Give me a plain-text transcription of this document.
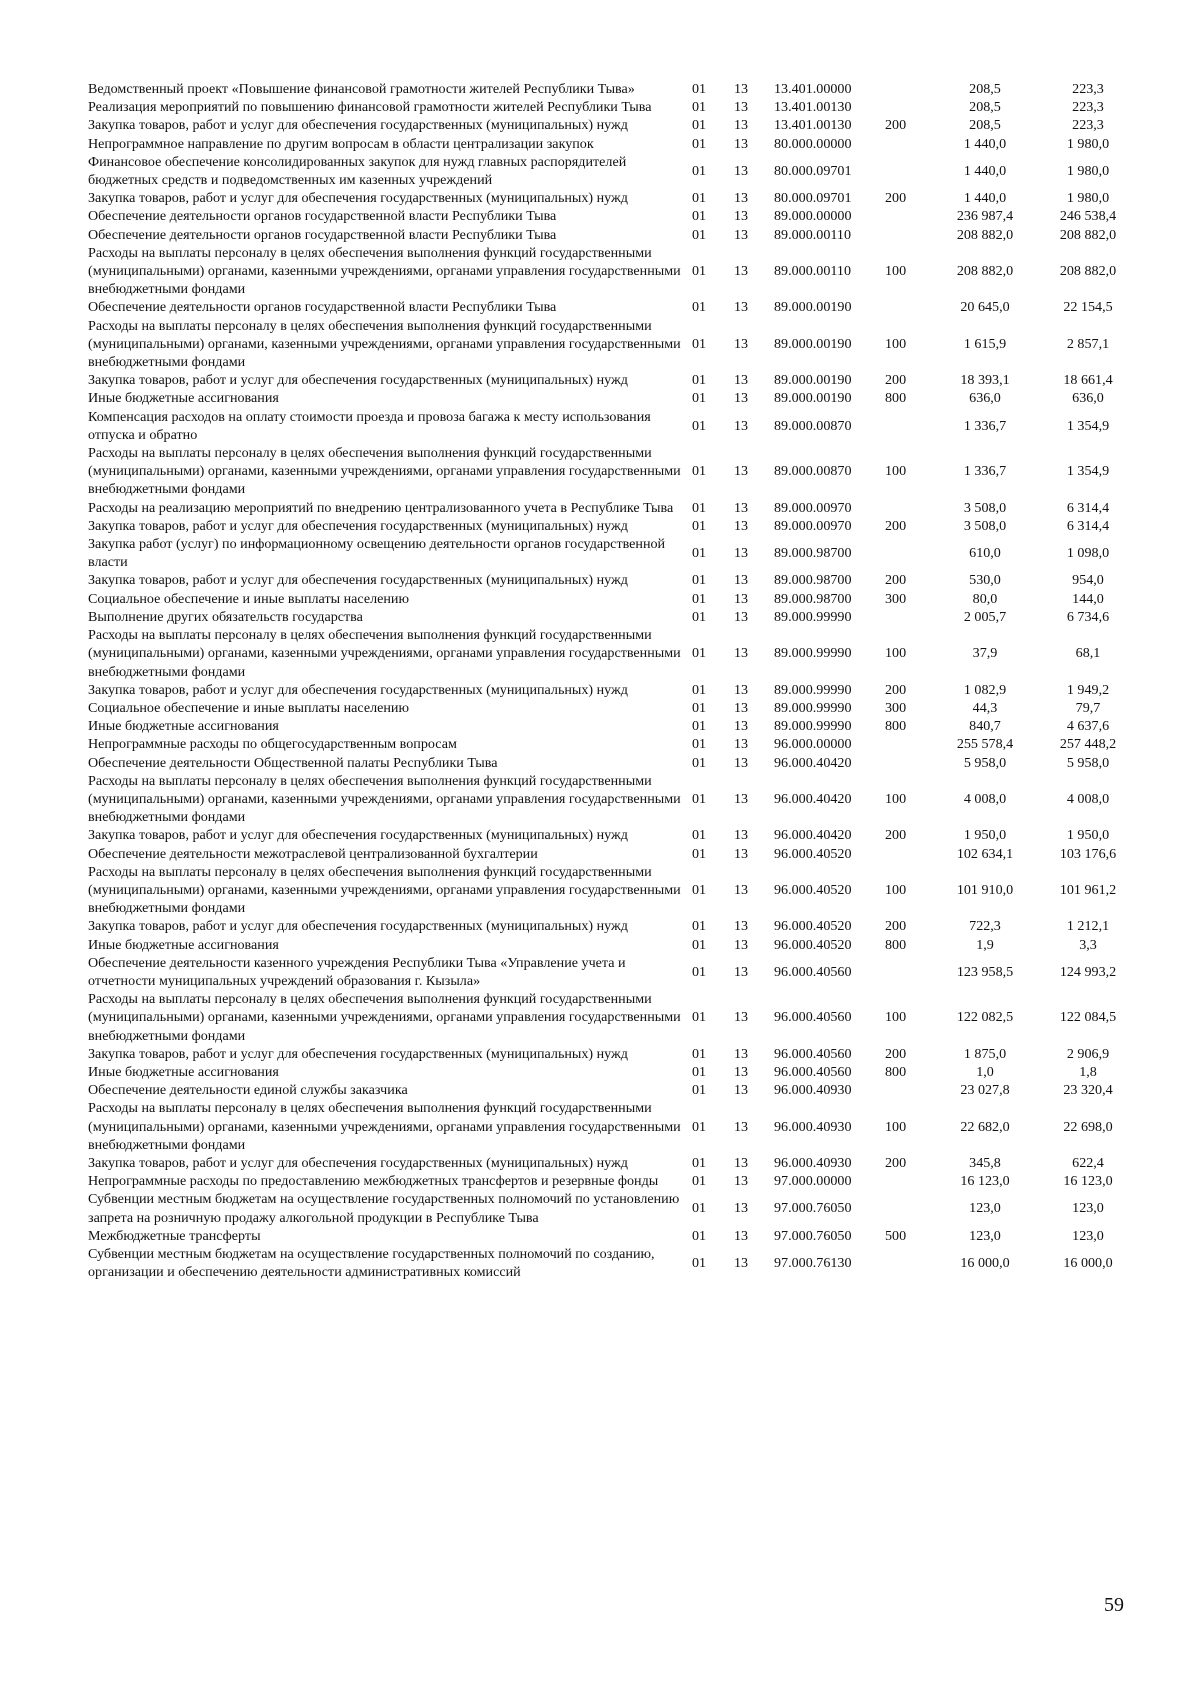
Ведомственный проект «Повышение финансовой грамотности жителей Республики Тыва»	01	13	13.401.00000		208,5	223,3
Реализация мероприятий по повышению финансовой грамотности жителей Республики Тыва	01	13	13.401.00130		208,5	223,3
Закупка товаров, работ и услуг для обеспечения государственных (муниципальных) нужд	01	13	13.401.00130	200	208,5	223,3
Непрограммное направление по другим вопросам в области централизации закупок	01	13	80.000.00000		1 440,0	1 980,0
Финансовое обеспечение консолидированных закупок для нужд главных распорядителей бюджетных средств и подведомственных им казенных учреждений	01	13	80.000.09701		1 440,0	1 980,0
Закупка товаров, работ и услуг для обеспечения государственных (муниципальных) нужд	01	13	80.000.09701	200	1 440,0	1 980,0
Обеспечение деятельности органов государственной власти Республики Тыва	01	13	89.000.00000		236 987,4	246 538,4
Обеспечение деятельности органов государственной власти Республики Тыва	01	13	89.000.00110		208 882,0	208 882,0
Расходы на выплаты персоналу в целях обеспечения выполнения функций государственными (муниципальными) органами, казенными учреждениями, органами управления государственными внебюджетными фондами	01	13	89.000.00110	100	208 882,0	208 882,0
Обеспечение деятельности органов государственной власти Республики Тыва	01	13	89.000.00190		20 645,0	22 154,5
Расходы на выплаты персоналу в целях обеспечения выполнения функций государственными (муниципальными) органами, казенными учреждениями, органами управления государственными внебюджетными фондами	01	13	89.000.00190	100	1 615,9	2 857,1
Закупка товаров, работ и услуг для обеспечения государственных (муниципальных) нужд	01	13	89.000.00190	200	18 393,1	18 661,4
Иные бюджетные ассигнования	01	13	89.000.00190	800	636,0	636,0
Компенсация расходов на оплату стоимости проезда и провоза багажа к месту использования отпуска и обратно	01	13	89.000.00870		1 336,7	1 354,9
Расходы на выплаты персоналу в целях обеспечения выполнения функций государственными (муниципальными) органами, казенными учреждениями, органами управления государственными внебюджетными фондами	01	13	89.000.00870	100	1 336,7	1 354,9
Расходы на реализацию мероприятий по внедрению централизованного учета в Республике Тыва	01	13	89.000.00970		3 508,0	6 314,4
Закупка товаров, работ и услуг для обеспечения государственных (муниципальных) нужд	01	13	89.000.00970	200	3 508,0	6 314,4
Закупка работ (услуг) по информационному освещению деятельности органов государственной власти	01	13	89.000.98700		610,0	1 098,0
Закупка товаров, работ и услуг для обеспечения государственных (муниципальных) нужд	01	13	89.000.98700	200	530,0	954,0
Социальное обеспечение и иные выплаты населению	01	13	89.000.98700	300	80,0	144,0
Выполнение других обязательств государства	01	13	89.000.99990		2 005,7	6 734,6
Расходы на выплаты персоналу в целях обеспечения выполнения функций государственными (муниципальными) органами, казенными учреждениями, органами управления государственными внебюджетными фондами	01	13	89.000.99990	100	37,9	68,1
Закупка товаров, работ и услуг для обеспечения государственных (муниципальных) нужд	01	13	89.000.99990	200	1 082,9	1 949,2
Социальное обеспечение и иные выплаты населению	01	13	89.000.99990	300	44,3	79,7
Иные бюджетные ассигнования	01	13	89.000.99990	800	840,7	4 637,6
Непрограммные расходы по общегосударственным вопросам	01	13	96.000.00000		255 578,4	257 448,2
Обеспечение деятельности Общественной палаты Республики Тыва	01	13	96.000.40420		5 958,0	5 958,0
Расходы на выплаты персоналу в целях обеспечения выполнения функций государственными (муниципальными) органами, казенными учреждениями, органами управления государственными внебюджетными фондами	01	13	96.000.40420	100	4 008,0	4 008,0
Закупка товаров, работ и услуг для обеспечения государственных (муниципальных) нужд	01	13	96.000.40420	200	1 950,0	1 950,0
Обеспечение деятельности межотраслевой централизованной бухгалтерии	01	13	96.000.40520		102 634,1	103 176,6
Расходы на выплаты персоналу в целях обеспечения выполнения функций государственными (муниципальными) органами, казенными учреждениями, органами управления государственными внебюджетными фондами	01	13	96.000.40520	100	101 910,0	101 961,2
Закупка товаров, работ и услуг для обеспечения государственных (муниципальных) нужд	01	13	96.000.40520	200	722,3	1 212,1
Иные бюджетные ассигнования	01	13	96.000.40520	800	1,9	3,3
Обеспечение деятельности казенного учреждения Республики Тыва «Управление учета и отчетности муниципальных учреждений образования г. Кызыла»	01	13	96.000.40560		123 958,5	124 993,2
Расходы на выплаты персоналу в целях обеспечения выполнения функций государственными (муниципальными) органами, казенными учреждениями, органами управления государственными внебюджетными фондами	01	13	96.000.40560	100	122 082,5	122 084,5
Закупка товаров, работ и услуг для обеспечения государственных (муниципальных) нужд	01	13	96.000.40560	200	1 875,0	2 906,9
Иные бюджетные ассигнования	01	13	96.000.40560	800	1,0	1,8
Обеспечение деятельности единой службы заказчика	01	13	96.000.40930		23 027,8	23 320,4
Расходы на выплаты персоналу в целях обеспечения выполнения функций государственными (муниципальными) органами, казенными учреждениями, органами управления государственными внебюджетными фондами	01	13	96.000.40930	100	22 682,0	22 698,0
Закупка товаров, работ и услуг для обеспечения государственных (муниципальных) нужд	01	13	96.000.40930	200	345,8	622,4
Непрограммные расходы по предоставлению межбюджетных трансфертов и резервные фонды	01	13	97.000.00000		16 123,0	16 123,0
Субвенции местным бюджетам на осуществление государственных полномочий по установлению запрета на розничную продажу алкогольной продукции в Республике Тыва	01	13	97.000.76050		123,0	123,0
Межбюджетные трансферты	01	13	97.000.76050	500	123,0	123,0
Субвенции местным бюджетам на осуществление государственных полномочий по созданию, организации и обеспечению деятельности административных комиссий	01	13	97.000.76130		16 000,0	16 000,0
59
